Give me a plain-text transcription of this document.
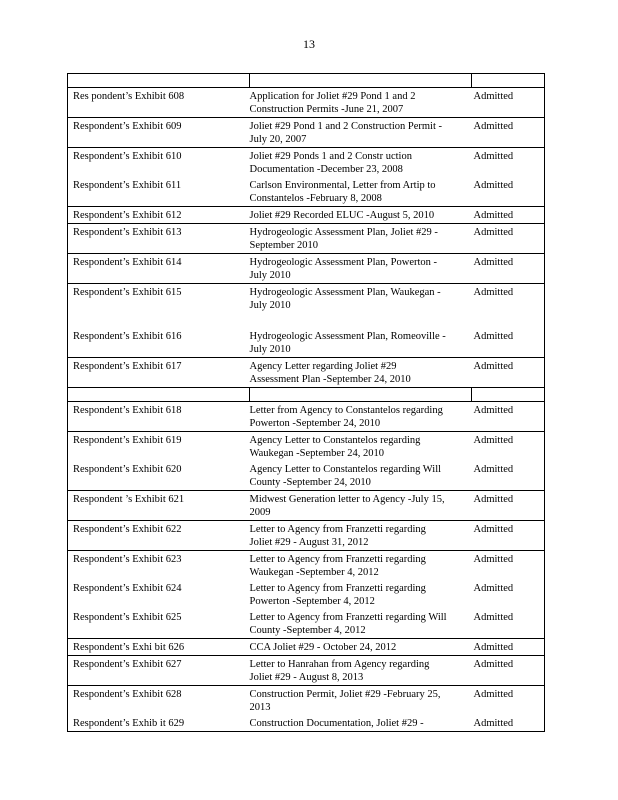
13

Res pondent’s Exhibit 608	Application for Joliet #29 Pond 1 and 2 Construction Permits -June 21, 2007	Admitted
Respondent’s Exhibit 609	Joliet #29 Pond 1 and 2 Construction Permit -July 20, 2007	Admitted
Respondent’s Exhibit 610	Joliet #29 Ponds 1 and 2 Constr uction Documentation -December 23, 2008	Admitted
Respondent’s Exhibit 611	Carlson Environmental, Letter from Artip to Constantelos -February 8, 2008	Admitted
Respondent’s Exhibit 612	Joliet #29 Recorded ELUC -August 5, 2010	Admitted
Respondent’s Exhibit 613	Hydrogeologic Assessment Plan, Joliet #29 -September 2010	Admitted
Respondent’s Exhibit 614	Hydrogeologic Assessment Plan, Powerton -July 2010	Admitted
Respondent’s Exhibit 615	Hydrogeologic Assessment Plan, Waukegan -July 2010	Admitted
Respondent’s Exhibit 616	Hydrogeologic Assessment Plan, Romeoville -July 2010	Admitted
Respondent’s Exhibit 617	Agency Letter regarding Joliet #29 Assessment Plan -September 24, 2010	Admitted

Respondent’s Exhibit 618	Letter from Agency to Constantelos regarding Powerton -September 24, 2010	Admitted
Respondent’s Exhibit 619	Agency Letter to Constantelos regarding Waukegan -September 24, 2010	Admitted
Respondent’s Exhibit 620	Agency Letter to Constantelos regarding Will County -September 24, 2010	Admitted
Respondent ’s Exhibit 621	Midwest Generation letter to Agency -July 15, 2009	Admitted
Respondent’s Exhibit 622	Letter to Agency from Franzetti regarding Joliet #29 - August 31, 2012	Admitted
Respondent’s Exhibit 623	Letter to Agency from Franzetti regarding Waukegan -September 4, 2012	Admitted
Respondent’s Exhibit 624	Letter to Agency from Franzetti regarding Powerton -September 4, 2012	Admitted
Respondent’s Exhibit 625	Letter to Agency from Franzetti regarding Will County -September 4, 2012	Admitted
Respondent’s Exhi bit 626	CCA Joliet #29 - October 24, 2012	Admitted
Respondent’s Exhibit 627	Letter to Hanrahan from Agency regarding Joliet #29 - August 8, 2013	Admitted
Respondent’s Exhibit 628	Construction Permit, Joliet #29 -February 25, 2013	Admitted
Respondent’s Exhib it 629	Construction Documentation, Joliet #29 -	Admitted
